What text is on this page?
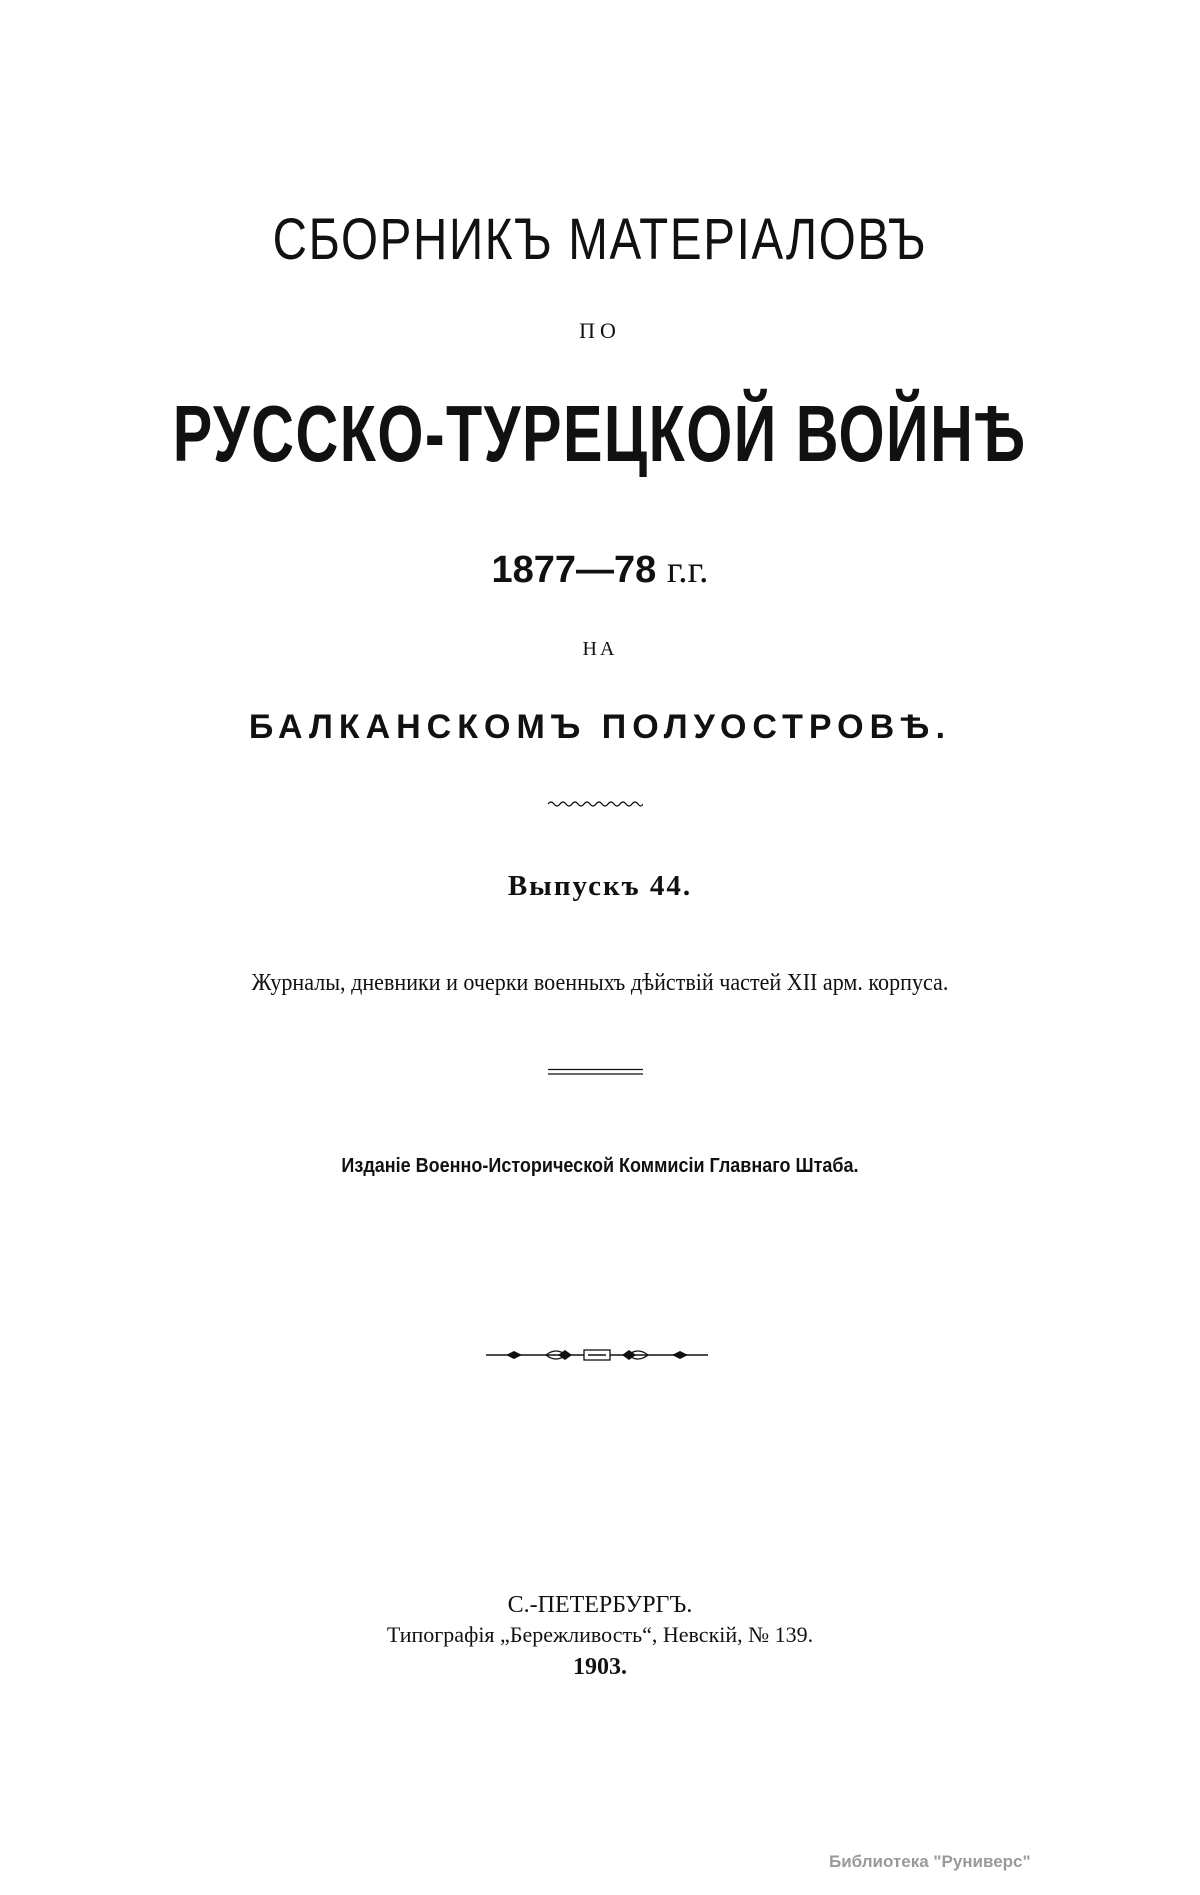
СБОРНИКЪ МАТЕРІАЛОВЪ
ПО
РУССКО-ТУРЕЦКОЙ ВОЙНѢ
1877—78 г.г.
НА
БАЛКАНСКОМЪ ПОЛУОСТРОВѢ.
Выпускъ 44.
Журналы, дневники и очерки военныхъ дѣйствій частей XII арм. корпуса.
Изданіе Военно-Исторической Коммисіи Главнаго Штаба.
С.-ПЕТЕРБУРГЪ.
Типографія „Бережливость“, Невскій, № 139.
1903.
Библиотека "Руниверс"
